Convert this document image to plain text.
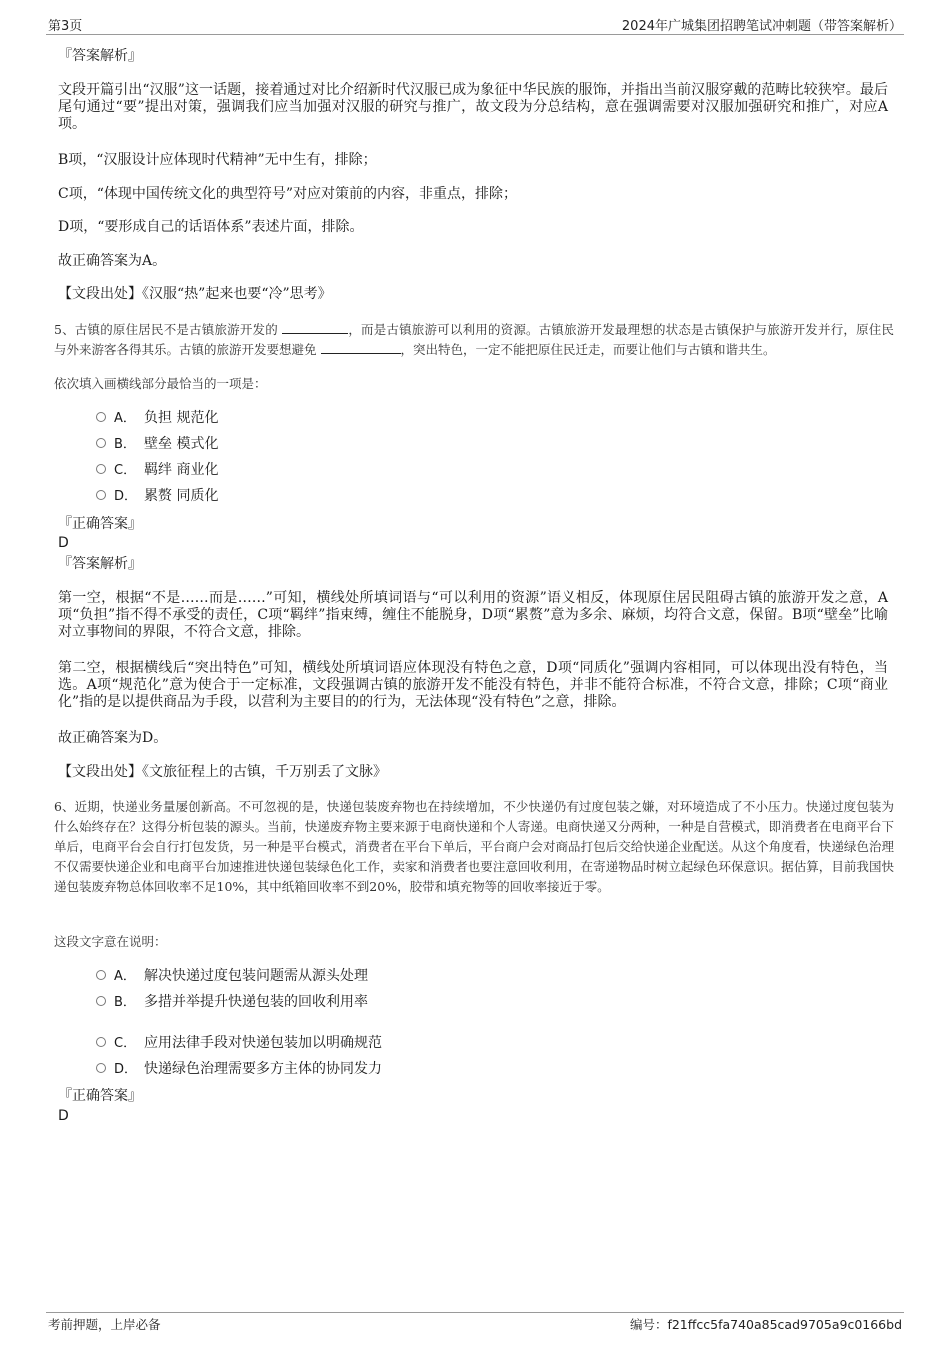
第3页	2024年广城集团招聘笔试冲刺题（带答案解析）
『答案解析』
文段开篇引出“汉服”这一话题，接着通过对比介绍新时代汉服已成为象征中华民族的服饰，并指出当前汉服穿戴的范畴比较狭窄。最后尾句通过“要”提出对策，强调我们应当加强对汉服的研究与推广，故文段为分总结构，意在强调需要对汉服加强研究和推广，对应A项。
B项，“汉服设计应体现时代精神”无中生有，排除；
C项，“体现中国传统文化的典型符号”对应对策前的内容，非重点，排除；
D项，“要形成自己的话语体系”表述片面，排除。
故正确答案为A。
【文段出处】《汉服“热”起来也要“冷”思考》
5、古镇的原住居民不是古镇旅游开发的	，而是古镇旅游可以利用的资源。古镇旅游开发最理想的状态是古镇保护与旅游开发并行，原住民与外来游客各得其乐。古镇的旅游开发要想避免	，突出特色，一定不能把原住民迁走，而要让他们与古镇和谐共生。
依次填入画横线部分最恰当的一项是：
A． 负担 规范化
B． 壁垒 模式化
C． 羁绊 商业化
D． 累赘 同质化
『正确答案』
D
『答案解析』
第一空，根据“不是……而是……”可知，横线处所填词语与“可以利用的资源”语义相反，体现原住居民阻碍古镇的旅游开发之意，A项“负担”指不得不承受的责任，C项“羁绊”指束缚，缠住不能脱身，D项“累赘”意为多余、麻烦，均符合文意，保留。B项“壁垒”比喻对立事物间的界限，不符合文意，排除。
第二空，根据横线后“突出特色”可知，横线处所填词语应体现没有特色之意，D项“同质化”强调内容相同，可以体现出没有特色，当选。A项“规范化”意为使合于一定标准，文段强调古镇的旅游开发不能没有特色，并非不能符合标准，不符合文意，排除；C项“商业化”指的是以提供商品为手段，以营利为主要目的的行为，无法体现“没有特色”之意，排除。
故正确答案为D。
【文段出处】《文旅征程上的古镇，千万别丢了文脉》
6、近期，快递业务量屡创新高。不可忽视的是，快递包装废弃物也在持续增加，不少快递仍有过度包装之嫌，对环境造成了不小压力。快递过度包装为什么始终存在？这得分析包装的源头。当前，快递废弃物主要来源于电商快递和个人寄递。电商快递又分两种，一种是自营模式，即消费者在电商平台下单后，电商平台会自行打包发货，另一种是平台模式，消费者在平台下单后，平台商户会对商品打包后交给快递企业配送。从这个角度看，快递绿色治理不仅需要快递企业和电商平台加速推进快递包装绿色化工作，卖家和消费者也要注意回收利用，在寄递物品时树立起绿色环保意识。据估算，目前我国快递包装废弃物总体回收率不足10%，其中纸箱回收率不到20%，胶带和填充物等的回收率接近于零。
这段文字意在说明：
A． 解决快递过度包装问题需从源头处理
B． 多措并举提升快递包装的回收利用率
C． 应用法律手段对快递包装加以明确规范
D． 快递绿色治理需要多方主体的协同发力
『正确答案』
D
考前押题，上岸必备	编号：f21ffcc5fa740a85cad9705a9c0166bd
